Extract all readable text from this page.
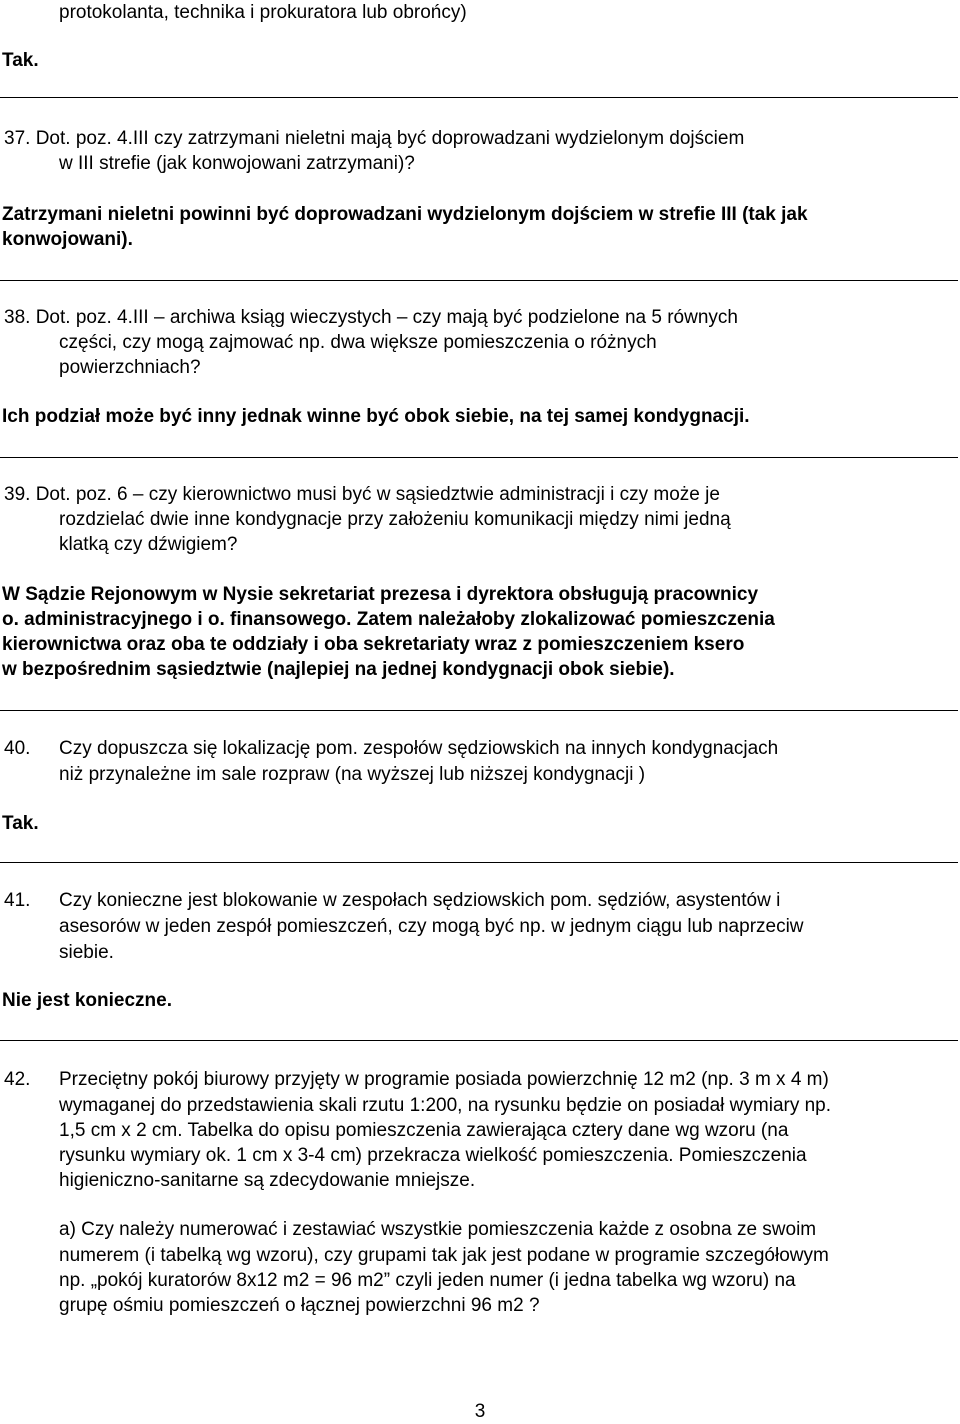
protokolanta, technika i prokuratora lub obrońcy)
Tak.
37. Dot. poz. 4.III czy zatrzymani nieletni mają być doprowadzani wydzielonym dojściem
w III strefie (jak konwojowani zatrzymani)?
Zatrzymani nieletni powinni być doprowadzani wydzielonym dojściem w strefie III (tak jak
konwojowani).
38. Dot. poz. 4.III – archiwa ksiąg wieczystych – czy mają być podzielone na 5 równych
części, czy mogą zajmować np. dwa większe pomieszczenia o różnych
powierzchniach?
Ich podział może być inny jednak winne być obok siebie, na tej samej kondygnacji.
39. Dot. poz. 6 – czy kierownictwo musi być w sąsiedztwie administracji i czy może je
rozdzielać dwie inne kondygnacje przy założeniu komunikacji między nimi jedną
klatką czy dźwigiem?
W Sądzie Rejonowym w Nysie sekretariat prezesa i dyrektora obsługują pracownicy
o. administracyjnego i o. finansowego. Zatem należałoby zlokalizować pomieszczenia
kierownictwa oraz oba te oddziały i oba sekretariaty wraz z pomieszczeniem ksero
w bezpośrednim sąsiedztwie (najlepiej na jednej kondygnacji obok siebie).
40. Czy dopuszcza się lokalizację pom. zespołów sędziowskich na innych kondygnacjach
niż przynależne im sale rozpraw (na wyższej lub niższej kondygnacji )
Tak.
41. Czy konieczne jest blokowanie w zespołach sędziowskich pom. sędziów, asystentów i
asesorów w jeden zespół pomieszczeń, czy mogą być np. w jednym ciągu lub naprzeciw
siebie.
Nie jest konieczne.
42. Przeciętny pokój biurowy przyjęty w programie posiada powierzchnię 12 m2 (np. 3 m x 4 m)
wymaganej do przedstawienia skali rzutu 1:200, na rysunku będzie on posiadał wymiary np.
1,5 cm x 2 cm. Tabelka do opisu pomieszczenia zawierająca cztery dane wg wzoru (na
rysunku wymiary ok. 1 cm x 3-4 cm) przekracza wielkość pomieszczenia. Pomieszczenia
higieniczno-sanitarne są zdecydowanie mniejsze.
a) Czy należy numerować i zestawiać wszystkie pomieszczenia każde z osobna ze swoim
numerem (i tabelką wg wzoru), czy grupami tak jak jest podane w programie szczegółowym
np. „pokój kuratorów 8x12 m2 = 96 m2” czyli jeden numer (i jedna tabelka wg wzoru) na
grupę ośmiu pomieszczeń o łącznej powierzchni 96 m2 ?
3
